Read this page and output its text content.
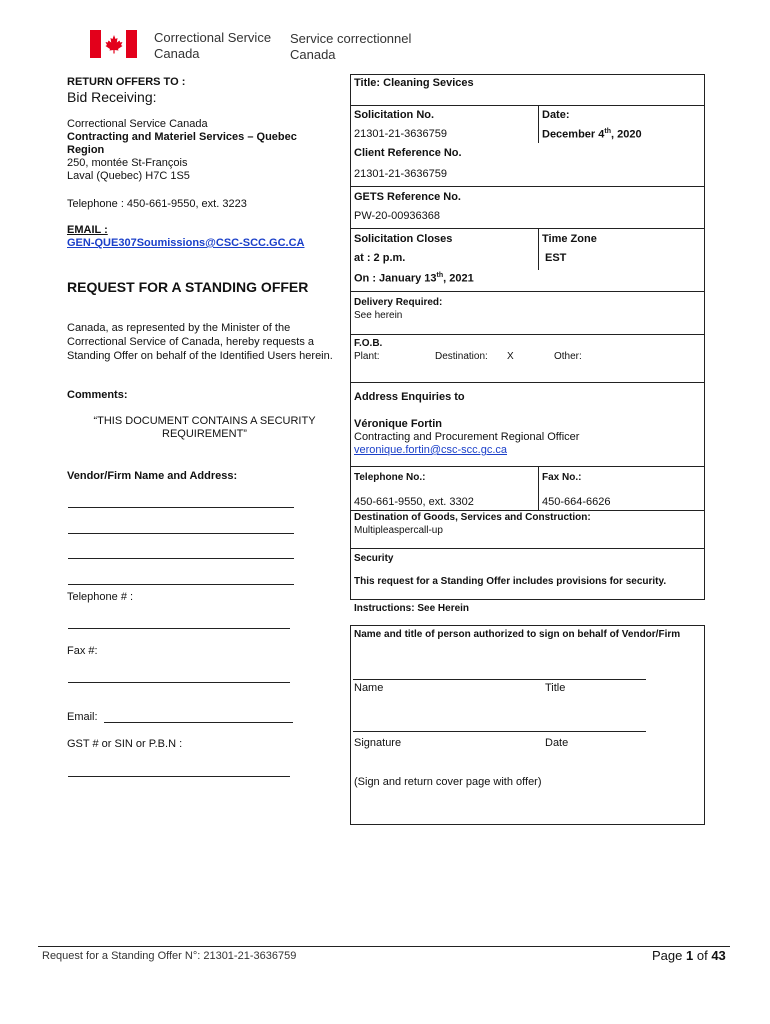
Correctional Service
Canada
Service correctionnel
Canada
RETURN OFFERS TO :
Bid Receiving:
Correctional Service Canada
Contracting and Materiel Services – Quebec
Region
250, montée St-François
Laval (Quebec) H7C 1S5
Telephone : 450-661-9550, ext. 3223
EMAIL :
GEN-QUE307Soumissions@CSC-SCC.GC.CA
REQUEST FOR A STANDING OFFER
Canada, as represented by the Minister of the
Correctional Service of Canada, hereby requests a
Standing Offer on behalf of the Identified Users herein.
Comments:
“THIS DOCUMENT CONTAINS A SECURITY
REQUIREMENT”
Vendor/Firm Name and Address:
Telephone # :
Fax #:
Email:
GST # or SIN or P.B.N :
Title: Cleaning Sevices
Solicitation No.
21301-21-3636759
Date:
December 4th, 2020
Client Reference No.
21301-21-3636759
GETS Reference No.
PW-20-00936368
Solicitation Closes
at : 2 p.m.
On : January 13th, 2021
Time Zone
EST
Delivery Required:
See herein
F.O.B.
Plant:	Destination: X	Other:
Address Enquiries to
Véronique Fortin
Contracting and Procurement Regional Officer
veronique.fortin@csc-scc.gc.ca
Telephone No.:
450-661-9550, ext. 3302
Fax No.:
450-664-6626
Destination of Goods, Services and Construction:
Multipleaspercall-up
Security
This request for a Standing Offer includes provisions for security.
Instructions: See Herein
Name and title of person authorized to sign on behalf of Vendor/Firm
Name	Title
Signature	Date
(Sign and return cover page with offer)
Request for a Standing Offer N°: 21301-21-3636759	Page 1 of 43
